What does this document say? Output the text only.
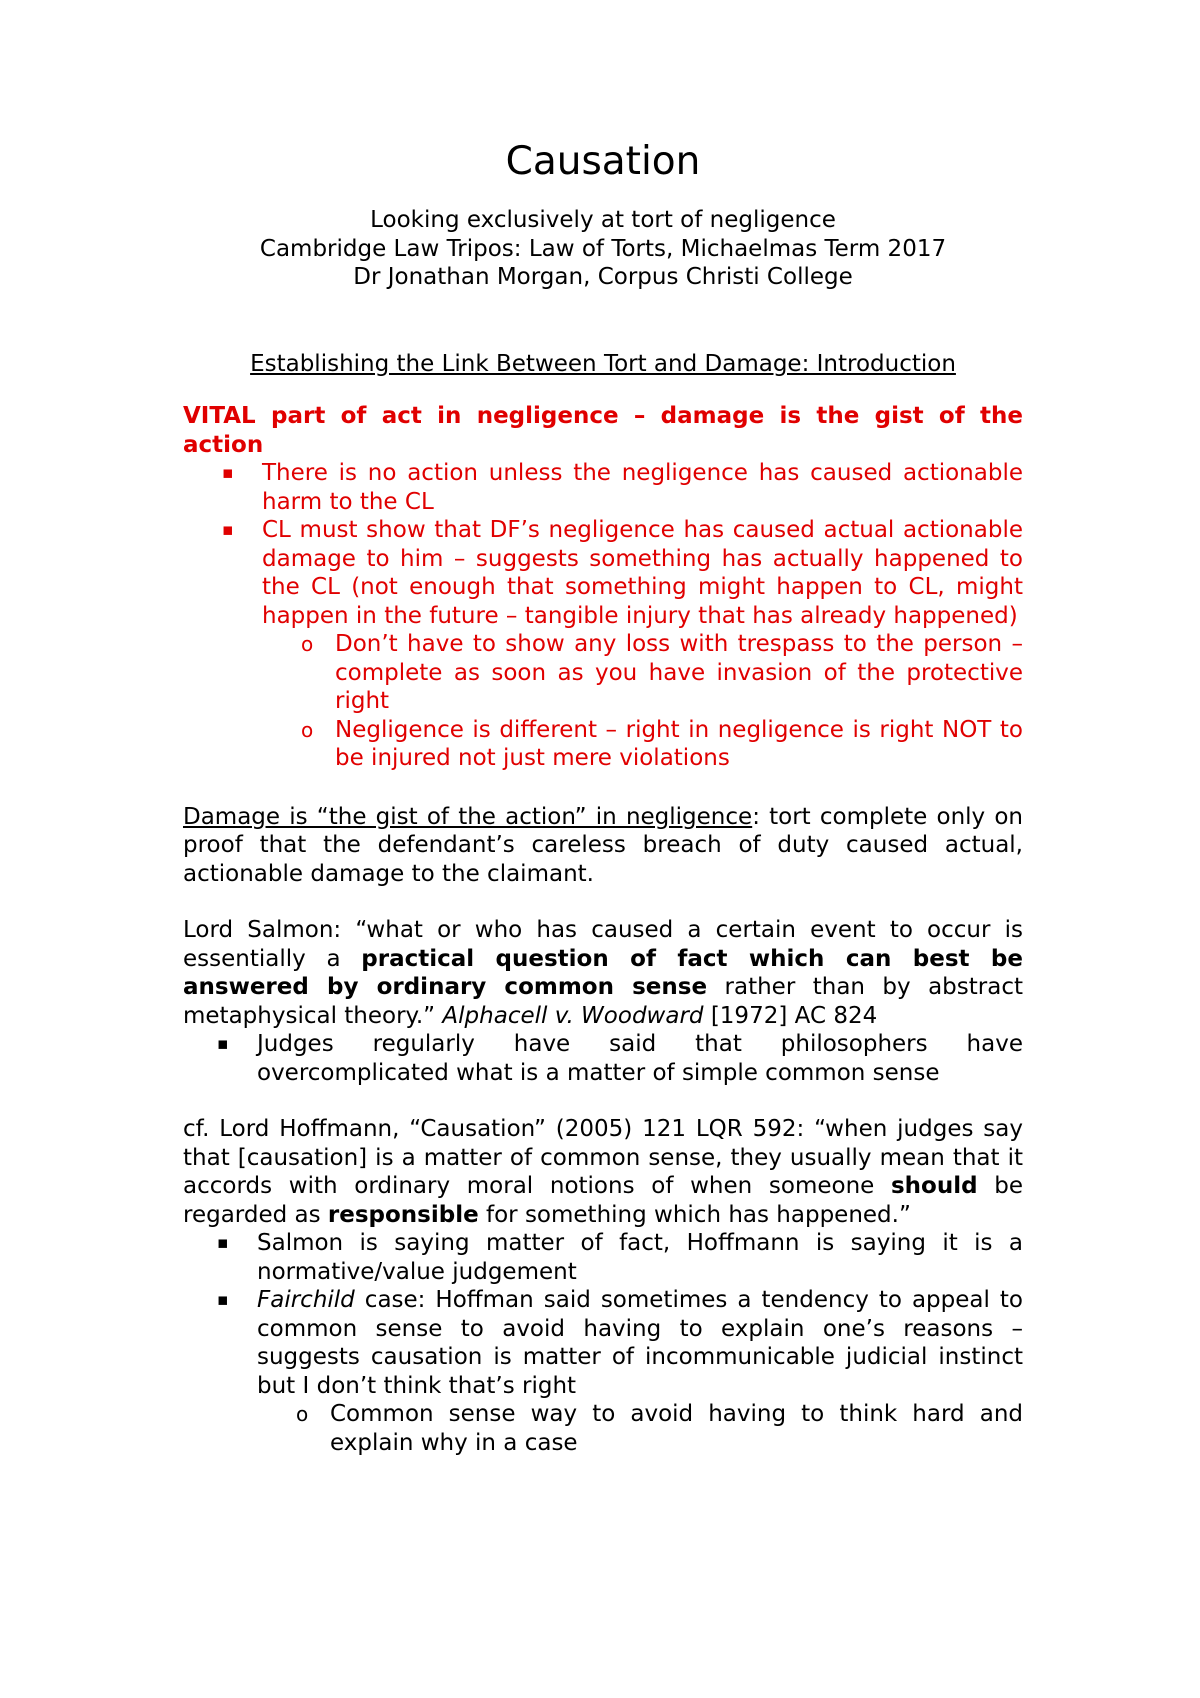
Causation

Looking exclusively at tort of negligence

Cambridge Law Tripos: Law of Torts, Michaelmas Term 2017

Dr Jonathan Morgan, Corpus Christi College

Establishing the Link Between Tort and Damage: Introduction

VITAL part of act in negligence – damage is the gist of the action

▪ There is no action unless the negligence has caused actionable harm to the CL
▪ CL must show that DF’s negligence has caused actual actionable damage to him – suggests something has actually happened to the CL (not enough that something might happen to CL, might happen in the future – tangible injury that has already happened)
o Don’t have to show any loss with trespass to the person – complete as soon as you have invasion of the protective right
o Negligence is different – right in negligence is right NOT to be injured not just mere violations

Damage is “the gist of the action” in negligence: tort complete only on proof that the defendant’s careless breach of duty caused actual, actionable damage to the claimant.

Lord Salmon: “what or who has caused a certain event to occur is essentially a practical question of fact which can best be answered by ordinary common sense rather than by abstract metaphysical theory.” Alphacell v. Woodward [1972] AC 824

▪ Judges regularly have said that philosophers have overcomplicated what is a matter of simple common sense

cf. Lord Hoffmann, “Causation” (2005) 121 LQR 592: “when judges say that [causation] is a matter of common sense, they usually mean that it accords with ordinary moral notions of when someone should be regarded as responsible for something which has happened.”

▪ Salmon is saying matter of fact, Hoffmann is saying it is a normative/value judgement
▪ Fairchild case: Hoffman said sometimes a tendency to appeal to common sense to avoid having to explain one’s reasons – suggests causation is matter of incommunicable judicial instinct but I don’t think that’s right
o Common sense way to avoid having to think hard and explain why in a case
